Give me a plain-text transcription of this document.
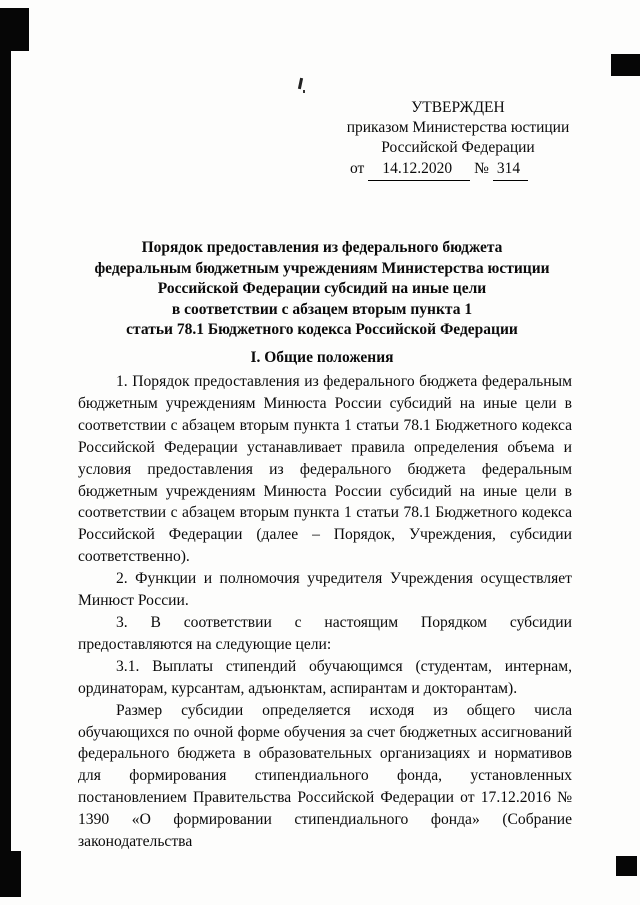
УТВЕРЖДЕН
приказом Министерства юстиции
Российской Федерации
от 14.12.2020 № 314
Порядок предоставления из федерального бюджета
федеральным бюджетным учреждениям Министерства юстиции
Российской Федерации субсидий на иные цели
в соответствии с абзацем вторым пункта 1
статьи 78.1 Бюджетного кодекса Российской Федерации
I. Общие положения

1. Порядок предоставления из федерального бюджета федеральным бюджетным учреждениям Минюста России субсидий на иные цели в соответствии с абзацем вторым пункта 1 статьи 78.1 Бюджетного кодекса Российской Федерации устанавливает правила определения объема и условия предоставления из федерального бюджета федеральным бюджетным учреждениям Минюста России субсидий на иные цели в соответствии с абзацем вторым пункта 1 статьи 78.1 Бюджетного кодекса Российской Федерации (далее – Порядок, Учреждения, субсидии соответственно).

2. Функции и полномочия учредителя Учреждения осуществляет Минюст России.

3. В соответствии с настоящим Порядком субсидии предоставляются на следующие цели:

3.1. Выплаты стипендий обучающимся (студентам, интернам, ординаторам, курсантам, адъюнктам, аспирантам и докторантам).

Размер субсидии определяется исходя из общего числа обучающихся по очной форме обучения за счет бюджетных ассигнований федерального бюджета в образовательных организациях и нормативов для формирования стипендиального фонда, установленных постановлением Правительства Российской Федерации от 17.12.2016 № 1390 «О формировании стипендиального фонда» (Собрание законодательства
